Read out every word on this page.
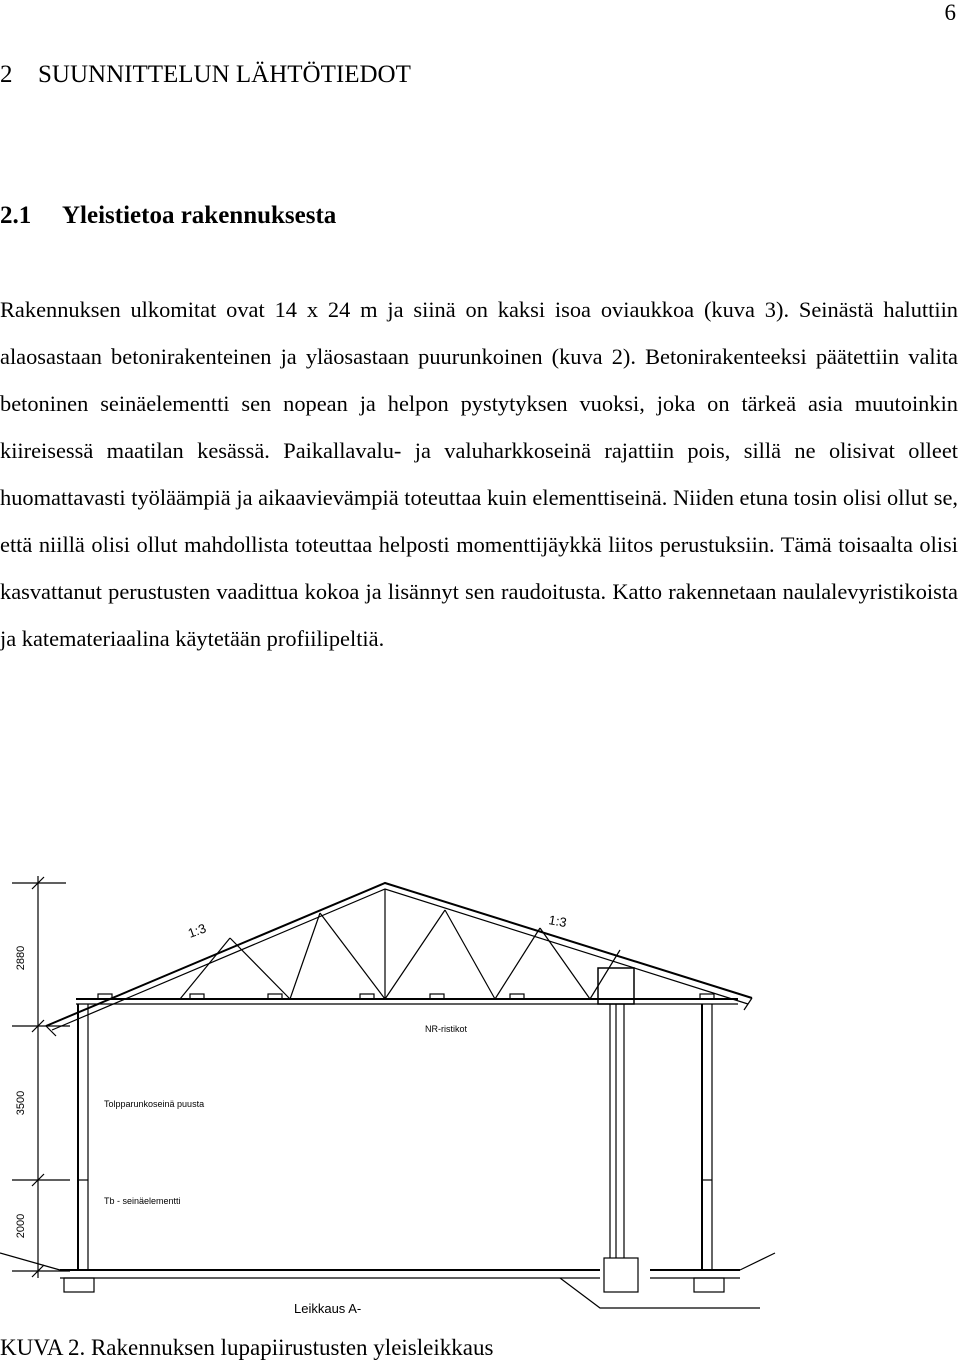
6
2 SUUNNITTELUN LÄHTÖTIEDOT
2.1 Yleistietoa rakennuksesta
Rakennuksen ulkomitat ovat 14 x 24 m ja siinä on kaksi isoa oviaukkoa (kuva 3). Seinästä haluttiin alaosastaan betonirakenteinen ja yläosastaan puurunkoinen (kuva 2). Betonirakenteeksi päätettiin valita betoninen seinäelementti sen nopean ja helpon pystytyksen vuoksi, joka on tärkeä asia muutoinkin kiireisessä maatilan kesässä. Paikallavalu- ja valuharkkoseinä rajattiin pois, sillä ne olisivat olleet huomattavasti työläämpiä ja aikaavievämpiä toteuttaa kuin elementtiseinä. Niiden etuna tosin olisi ollut se, että niillä olisi ollut mahdollista toteuttaa helposti momenttijäykkä liitos perustuksiin. Tämä toisaalta olisi kasvattanut perustusten vaadittua kokoa ja lisännyt sen raudoitusta. Katto rakennetaan naulalevyristikoista ja katemateriaalina käytetään profiilipeltiä.
2880
3500
2000
1:3	1:3
NR-ristikot
Tolpparunkoseinä puusta
Tb - seinäelementti
Leikkaus A-
KUVA 2. Rakennuksen lupapiirustusten yleisleikkaus
